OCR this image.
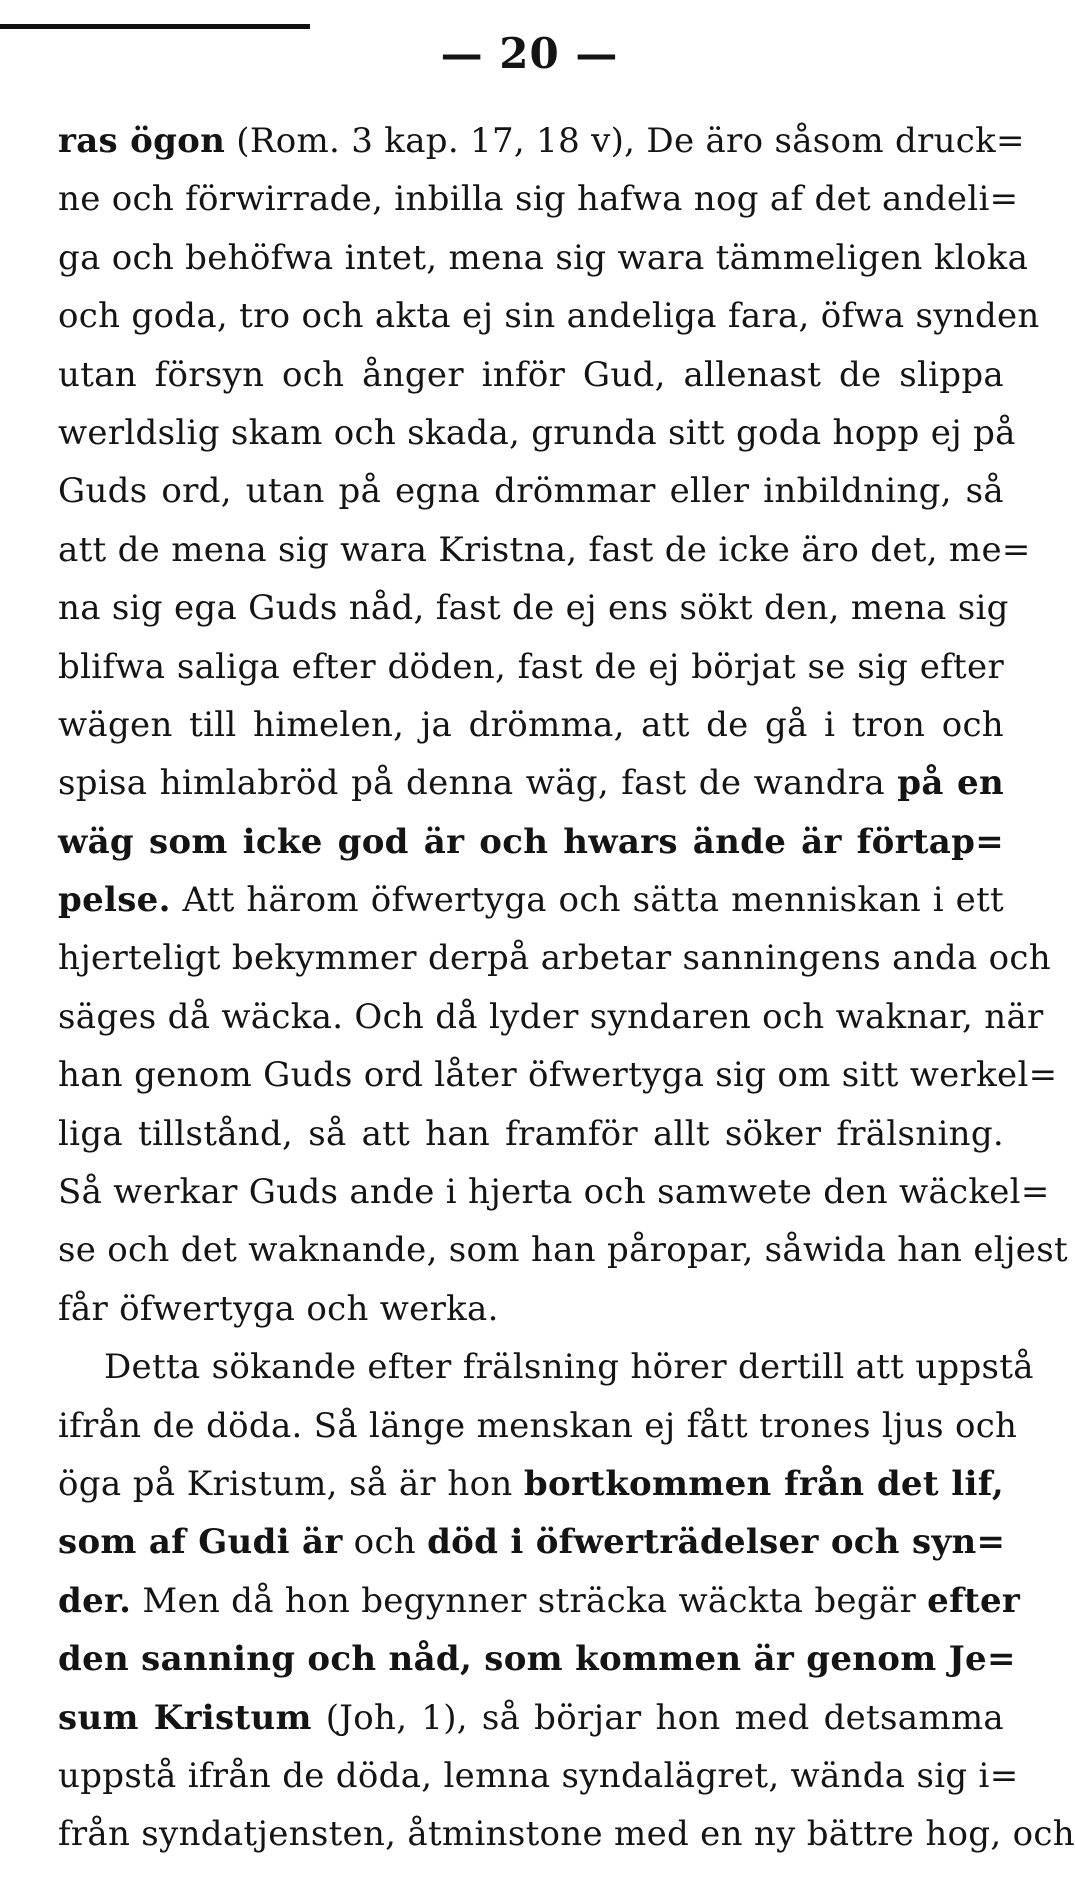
— 20 —
ras ögon (Rom. 3 kap. 17, 18 v), De äro såsom druck=
ne och förwirrade, inbilla sig hafwa nog af det andeli=
ga och behöfwa intet, mena sig wara tämmeligen kloka
och goda, tro och akta ej sin andeliga fara, öfwa synden
utan försyn och ånger inför Gud, allenast de slippa
werldslig skam och skada, grunda sitt goda hopp ej på
Guds ord, utan på egna drömmar eller inbildning, så
att de mena sig wara Kristna, fast de icke äro det, me=
na sig ega Guds nåd, fast de ej ens sökt den, mena sig
blifwa saliga efter döden, fast de ej börjat se sig efter
wägen till himelen, ja drömma, att de gå i tron och
spisa himlabröd på denna wäg, fast de wandra på en
wäg som icke god är och hwars ände är förtap=
pelse. Att härom öfwertyga och sätta menniskan i ett
hjerteligt bekymmer derpå arbetar sanningens anda och
säges då wäcka. Och då lyder syndaren och waknar, när
han genom Guds ord låter öfwertyga sig om sitt werkel=
liga tillstånd, så att han framför allt söker frälsning.
Så werkar Guds ande i hjerta och samwete den wäckel=
se och det waknande, som han påropar, såwida han eljest
får öfwertyga och werka.
Detta sökande efter frälsning hörer dertill att uppstå
ifrån de döda. Så länge menskan ej fått trones ljus och
öga på Kristum, så är hon bortkommen från det lif,
som af Gudi är och död i öfwerträdelser och syn=
der. Men då hon begynner sträcka wäckta begär efter
den sanning och nåd, som kommen är genom Je=
sum Kristum (Joh, 1), så börjar hon med detsamma
uppstå ifrån de döda, lemna syndalägret, wända sig i=
från syndatjensten, åtminstone med en ny bättre hog, och
